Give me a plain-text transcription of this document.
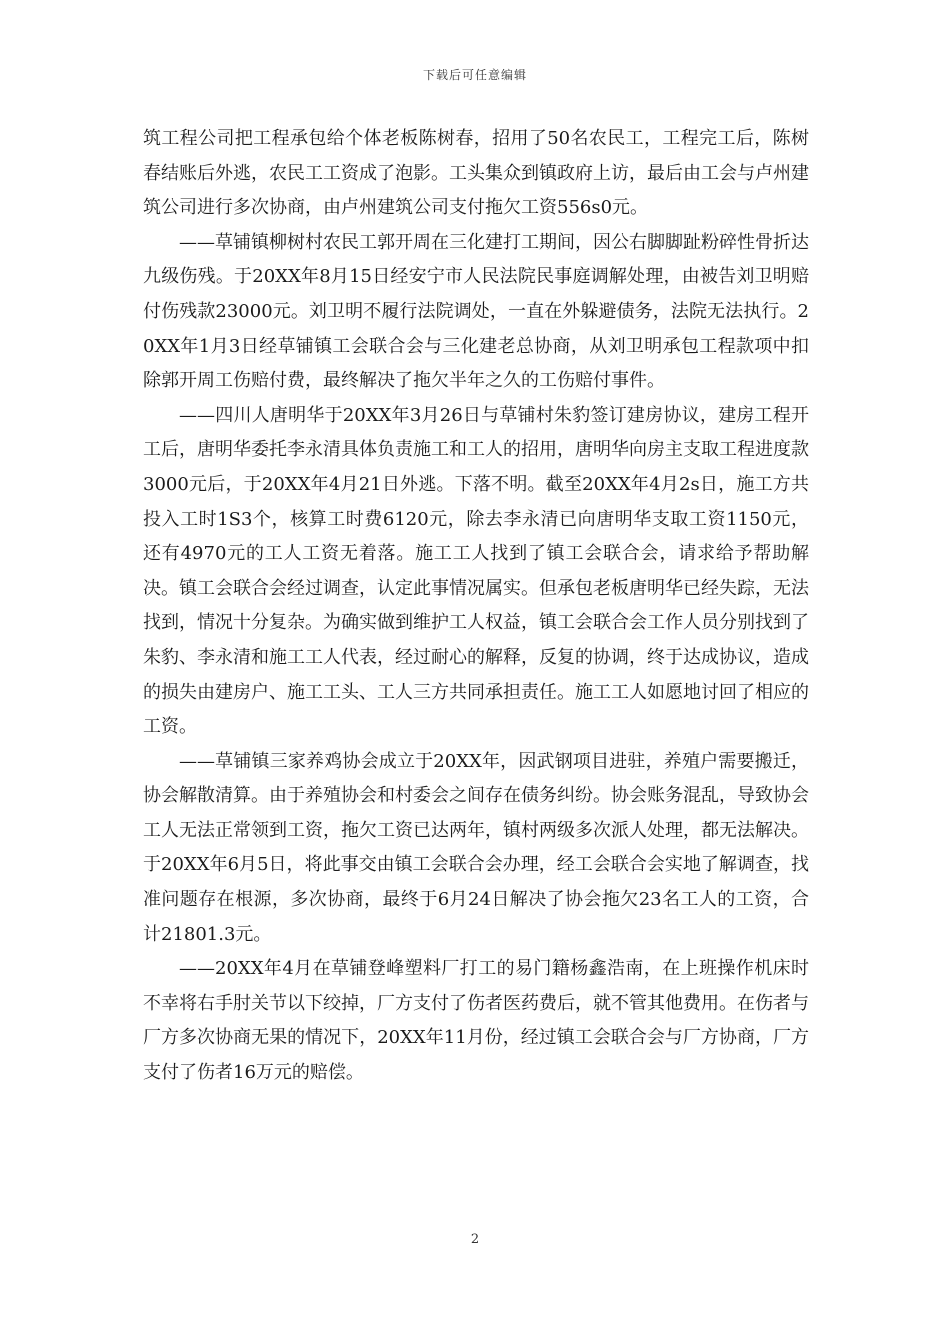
下载后可任意编辑

筑工程公司把工程承包给个体老板陈树春，招用了50名农民工，工程完工后，陈树春结账后外逃，农民工工资成了泡影。工头集众到镇政府上访，最后由工会与卢州建筑公司进行多次协商，由卢州建筑公司支付拖欠工资556s0元。

——草铺镇柳树村农民工郭开周在三化建打工期间，因公右脚脚趾粉碎性骨折达九级伤残。于20XX年8月15日经安宁市人民法院民事庭调解处理，由被告刘卫明赔付伤残款23000元。刘卫明不履行法院调处，一直在外躲避债务，法院无法执行。20XX年1月3日经草铺镇工会联合会与三化建老总协商，从刘卫明承包工程款项中扣除郭开周工伤赔付费，最终解决了拖欠半年之久的工伤赔付事件。

——四川人唐明华于20XX年3月26日与草铺村朱豹签订建房协议，建房工程开工后，唐明华委托李永清具体负责施工和工人的招用，唐明华向房主支取工程进度款3000元后，于20XX年4月21日外逃。下落不明。截至20XX年4月2s日，施工方共投入工时1S3个，核算工时费6120元，除去李永清已向唐明华支取工资1150元，还有4970元的工人工资无着落。施工工人找到了镇工会联合会，请求给予帮助解决。镇工会联合会经过调查，认定此事情况属实。但承包老板唐明华已经失踪，无法找到，情况十分复杂。为确实做到维护工人权益，镇工会联合会工作人员分别找到了朱豹、李永清和施工工人代表，经过耐心的解释，反复的协调，终于达成协议，造成的损失由建房户、施工工头、工人三方共同承担责任。施工工人如愿地讨回了相应的工资。

——草铺镇三家养鸡协会成立于20XX年，因武钢项目进驻，养殖户需要搬迁，协会解散清算。由于养殖协会和村委会之间存在债务纠纷。协会账务混乱，导致协会工人无法正常领到工资，拖欠工资已达两年，镇村两级多次派人处理，都无法解决。于20XX年6月5日，将此事交由镇工会联合会办理，经工会联合会实地了解调查，找准问题存在根源，多次协商，最终于6月24日解决了协会拖欠23名工人的工资，合计21801.3元。

——20XX年4月在草铺登峰塑料厂打工的易门籍杨鑫浩南，在上班操作机床时不幸将右手肘关节以下绞掉，厂方支付了伤者医药费后，就不管其他费用。在伤者与厂方多次协商无果的情况下，20XX年11月份，经过镇工会联合会与厂方协商，厂方支付了伤者16万元的赔偿。

2
